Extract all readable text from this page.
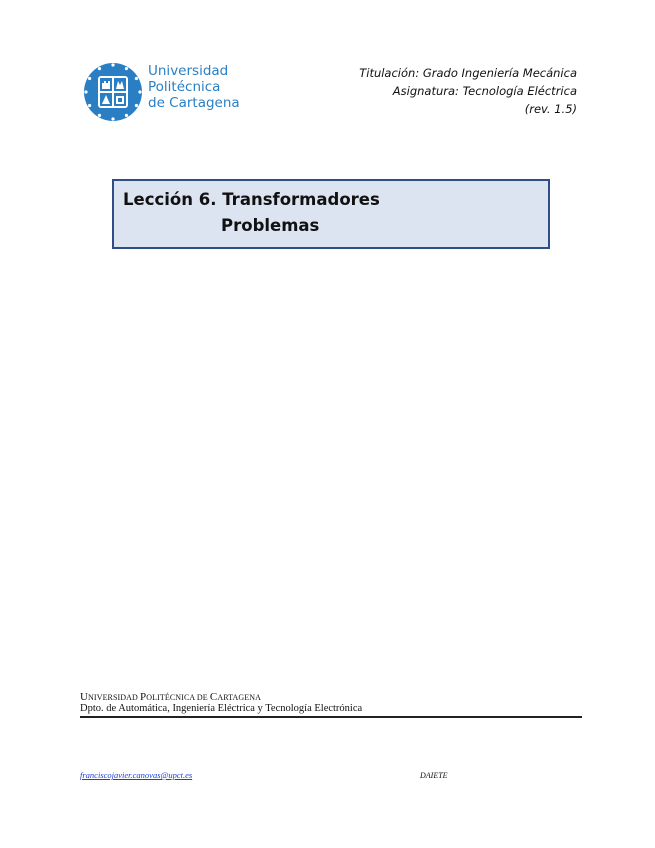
Universidad
Politécnica
de Cartagena
Titulación: Grado Ingeniería Mecánica
Asignatura: Tecnología Eléctrica
(rev. 1.5)
Lección 6. Transformadores
Problemas
UNIVERSIDAD POLITÉCNICA DE CARTAGENA
Dpto. de Automática, Ingeniería Eléctrica y Tecnología Electrónica
franciscojavier.canovas@upct.es	DAIETE
